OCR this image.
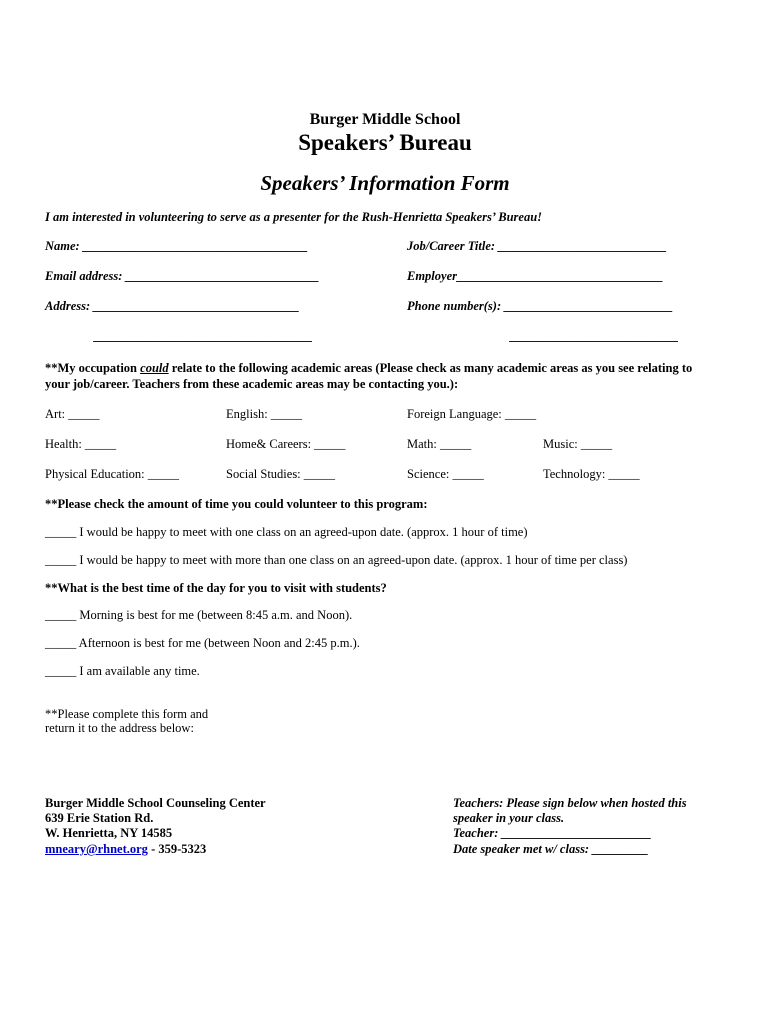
Burger Middle School
Speakers’ Bureau
Speakers’ Information Form
I am interested in volunteering to serve as a presenter for the Rush-Henrietta Speakers’ Bureau!
Name: ____________________________________	Job/Career Title: ___________________________
Email address: _______________________________	Employer_________________________________
Address: _________________________________	Phone number(s): ___________________________
___________________________________	___________________________
**My occupation could relate to the following academic areas (Please check as many academic areas as you see relating to
your job/career. Teachers from these academic areas may be contacting you.):
Art: _____	English: _____	Foreign Language: _____
Health: _____	Home& Careers: _____	Math: _____	Music: _____
Physical Education: _____	Social Studies: _____	Science: _____	Technology: _____
**Please check the amount of time you could volunteer to this program:
_____ I would be happy to meet with one class on an agreed-upon date. (approx. 1 hour of time)
_____ I would be happy to meet with more than one class on an agreed-upon date. (approx. 1 hour of time per class)
**What is the best time of the day for you to visit with students?
_____ Morning is best for me (between 8:45 a.m. and Noon).
_____ Afternoon is best for me (between Noon and 2:45 p.m.).
_____ I am available any time.
**Please complete this form and
return it to the address below:
Burger Middle School Counseling Center
639 Erie Station Rd.
W. Henrietta, NY 14585
mneary@rhnet.org - 359-5323
Teachers: Please sign below when hosted this
speaker in your class.
Teacher: ________________________
Date speaker met w/ class: _________
